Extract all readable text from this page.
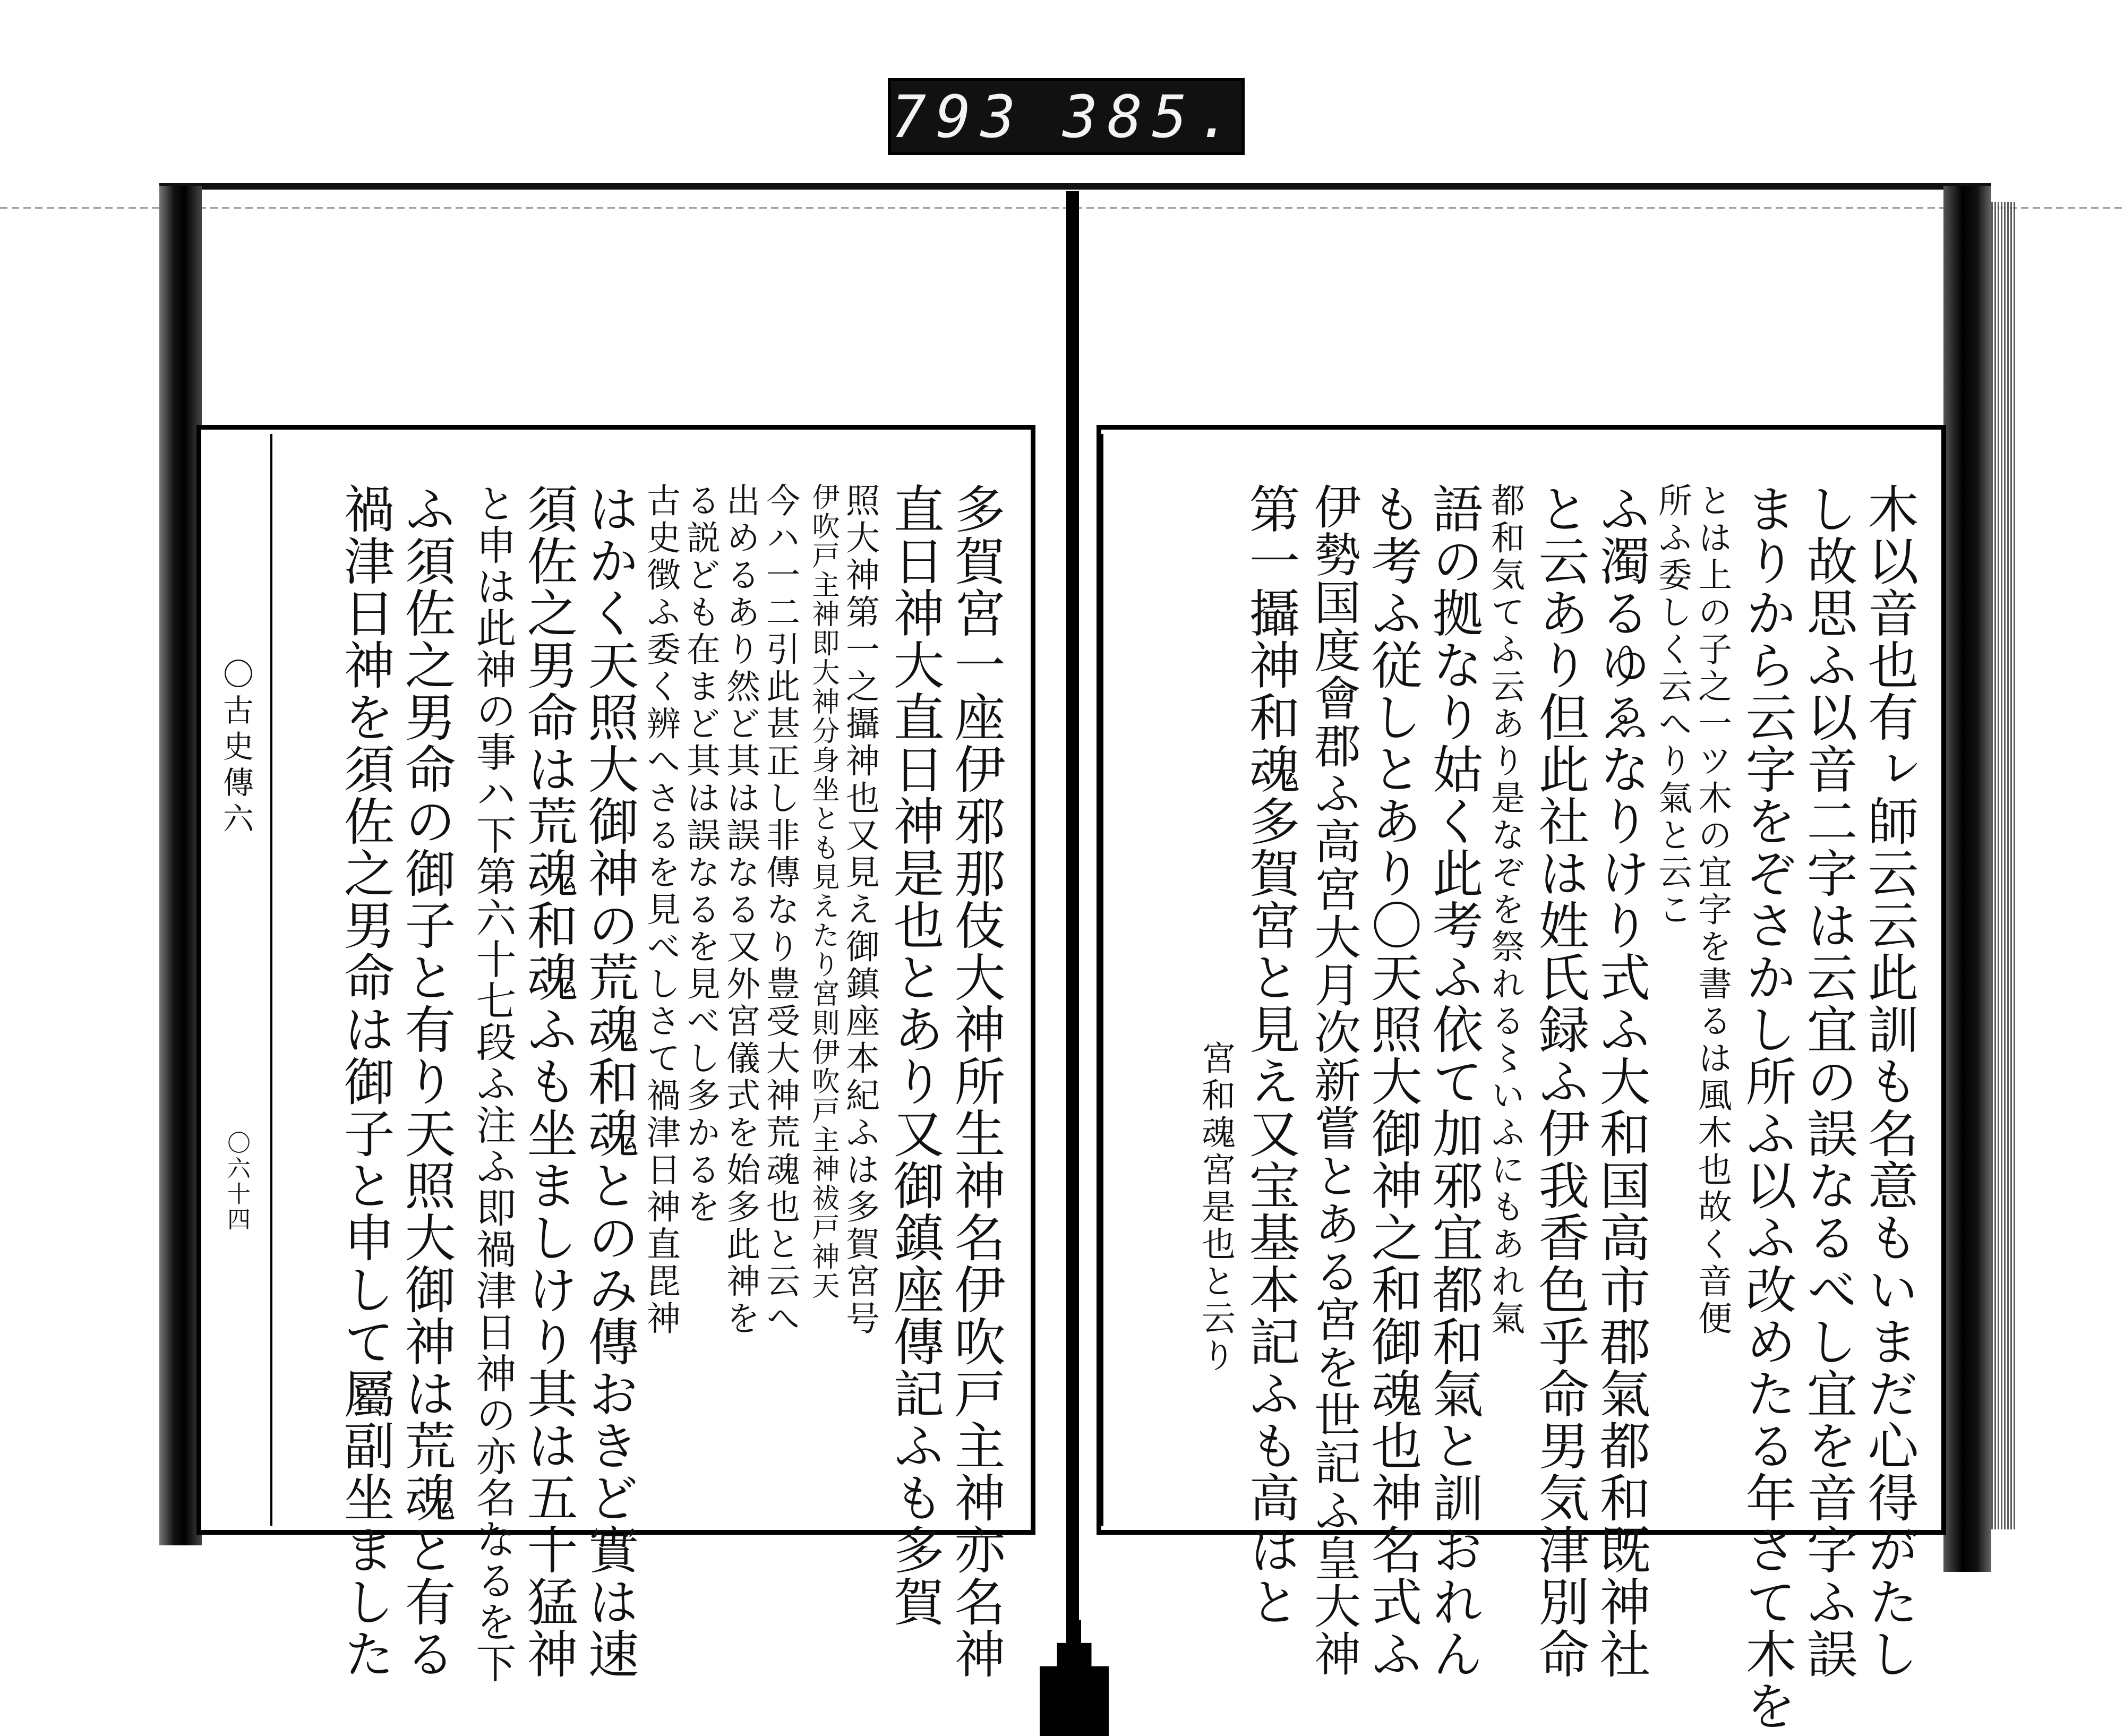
793 385.
木以音也有ㇾ師云云此訓も名意もいまだ心得がたし
し故思ふ以音二字は云宜の誤なるべし宜を音字ふ誤
まりから云字をぞさかし所ふ以ふ改めたる年さて木を
とは上の子之一ツ木の宜字を書るは風木也故く音便
所ふ委しく云へり氣と云こ
ふ濁るゆゑなりけり式ふ大和国高市郡氣都和既神社
と云あり但此社は姓氏録ふ伊我香色乎命男気津別命
都和気てふ云あり是なぞを祭れる〻いふにもあれ氣
語の拠なり姑く此考ふ依て加邪宜都和氣と訓おれん
も考ふ従しとあり〇天照大御神之和御魂也神名式ふ
伊勢国度會郡ふ高宮大月次新嘗とある宮を世記ふ皇大神
第一攝神和魂多賀宮と見え又宝基本記ふも高はと
宮和魂宮是也と云り
多賀宮一座伊邪那伎大神所生神名伊吹戸主神亦名神
直日神大直日神是也とあり又御鎮座傳記ふも多賀
照大神第一之攝神也又見え御鎮座本紀ふは多賀宮号
伊吹戸主神即大神分身坐とも見えたり宮則伊吹戸主神祓戸神天
今ハ一二引此甚正し非傳なり豊受大神荒魂也と云へ
出めるあり然ど其は誤なる又外宮儀式を始多此神を
る説ども在まど其は誤なるを見べし多かるを
古史徴ふ委く辨へさるを見べしさて禍津日神直毘神
はかく天照大御神の荒魂和魂とのみ傳おきど實は速
須佐之男命は荒魂和魂ふも坐ましけり其は五十猛神
と申は此神の事ハ下第六十七段ふ注ふ即禍津日神の亦名なるを下
ふ須佐之男命の御子と有り天照大御神は荒魂と有る
禍津日神を須佐之男命は御子と申して屬副坐ました
〇古史傳六
〇六十四
